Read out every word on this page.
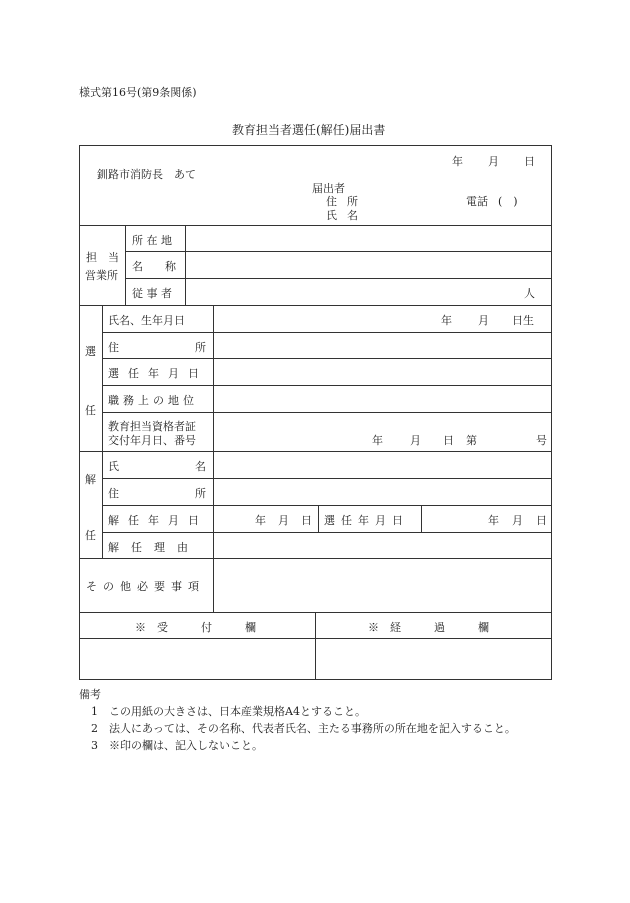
様式第16号(第9条関係)
教育担当者選任(解任)届出書
年 月 日
釧路市消防長　あて
届出者
住 所	電話 (　)
氏 名
担　当
営業所
所 在 地
名　　称
従 事 者	人
選
任
氏名、生年月日	年 月 日生
住	所
選任年月日
職務上の地位
教育担当資格者証
交付年月日、番号	年 月 日 第	号
解
任
氏	名
住	所
解任年月日	年 月 日 選任年月日	年 月 日
解任理由
その他必要事項
※　受　　　付　　　欄	※　経　　　過　　　欄
備考
1　この用紙の大きさは、日本産業規格A4とすること。
2　法人にあっては、その名称、代表者氏名、主たる事務所の所在地を記入すること。
3　※印の欄は、記入しないこと。
